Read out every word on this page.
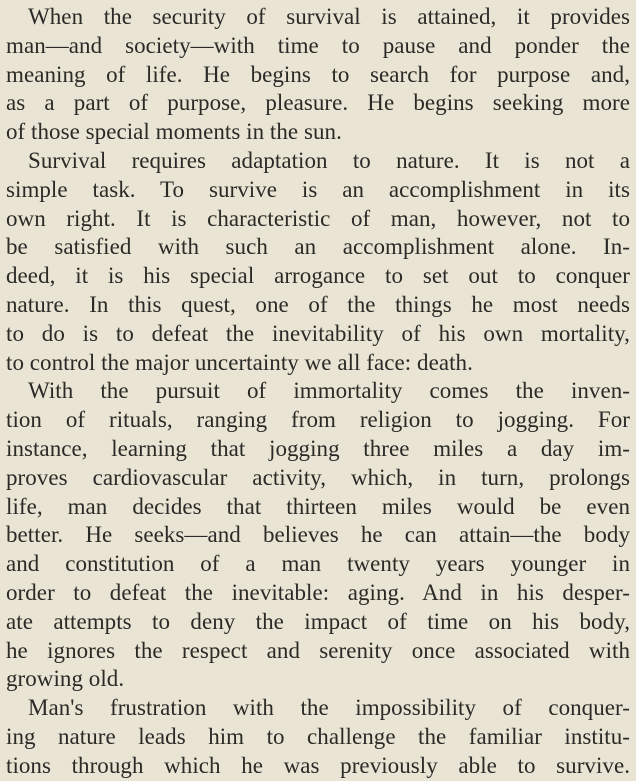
When the security of survival is attained, it provides
man—and society—with time to pause and ponder the
meaning of life. He begins to search for purpose and,
as a part of purpose, pleasure. He begins seeking more
of those special moments in the sun.
Survival requires adaptation to nature. It is not a
simple task. To survive is an accomplishment in its
own right. It is characteristic of man, however, not to
be satisfied with such an accomplishment alone. In-
deed, it is his special arrogance to set out to conquer
nature. In this quest, one of the things he most needs
to do is to defeat the inevitability of his own mortality,
to control the major uncertainty we all face: death.
With the pursuit of immortality comes the inven-
tion of rituals, ranging from religion to jogging. For
instance, learning that jogging three miles a day im-
proves cardiovascular activity, which, in turn, prolongs
life, man decides that thirteen miles would be even
better. He seeks—and believes he can attain—the body
and constitution of a man twenty years younger in
order to defeat the inevitable: aging. And in his desper-
ate attempts to deny the impact of time on his body,
he ignores the respect and serenity once associated with
growing old.
Man's frustration with the impossibility of conquer-
ing nature leads him to challenge the familiar institu-
tions through which he was previously able to survive.
